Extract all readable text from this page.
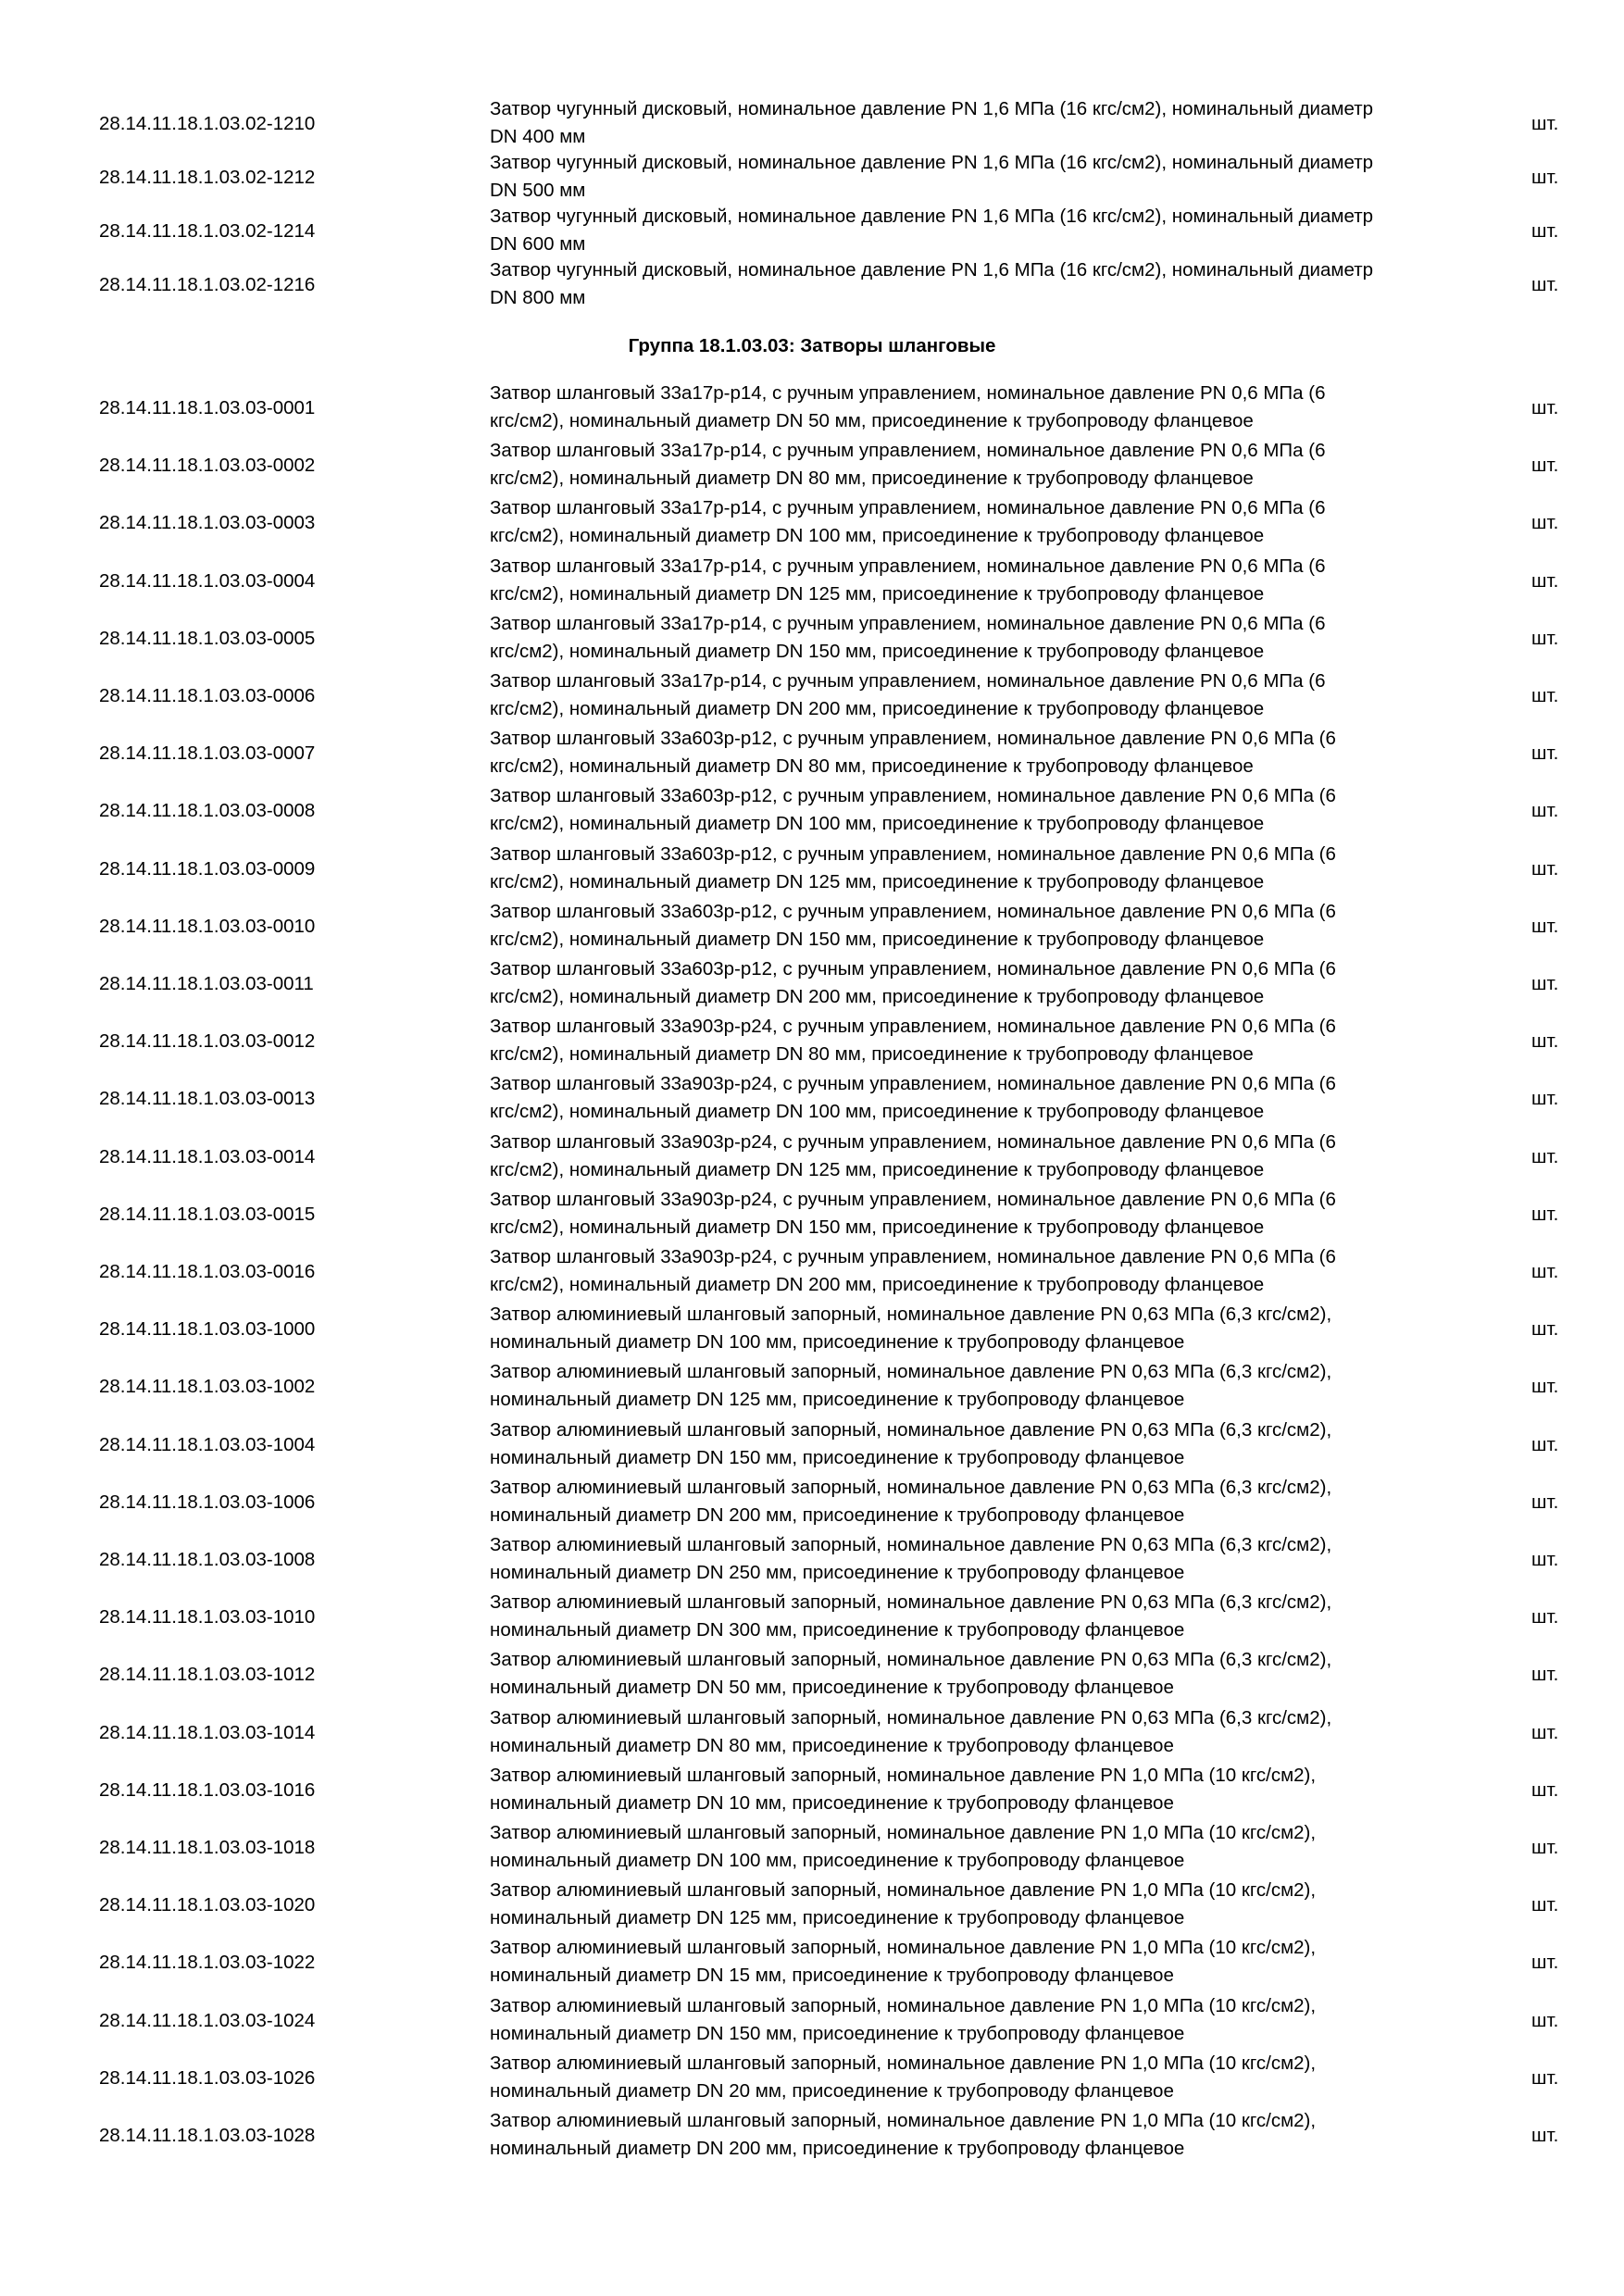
28.14.11.18.1.03.02-1210
Затвор чугунный дисковый, номинальное давление PN 1,6 МПа (16 кгс/см2), номинальный диаметр
DN 400 мм
шт.
28.14.11.18.1.03.02-1212
Затвор чугунный дисковый, номинальное давление PN 1,6 МПа (16 кгс/см2), номинальный диаметр
DN 500 мм
шт.
28.14.11.18.1.03.02-1214
Затвор чугунный дисковый, номинальное давление PN 1,6 МПа (16 кгс/см2), номинальный диаметр
DN 600 мм
шт.
28.14.11.18.1.03.02-1216
Затвор чугунный дисковый, номинальное давление PN 1,6 МПа (16 кгс/см2), номинальный диаметр
DN 800 мм
шт.
Группа 18.1.03.03: Затворы шланговые
28.14.11.18.1.03.03-0001
Затвор шланговый 33а17р-р14, с ручным управлением, номинальное давление PN 0,6 МПа (6
кгс/см2), номинальный диаметр DN 50 мм, присоединение к трубопроводу фланцевое
шт.
28.14.11.18.1.03.03-0002
Затвор шланговый 33а17р-р14, с ручным управлением, номинальное давление PN 0,6 МПа (6
кгс/см2), номинальный диаметр DN 80 мм, присоединение к трубопроводу фланцевое
шт.
28.14.11.18.1.03.03-0003
Затвор шланговый 33а17р-р14, с ручным управлением, номинальное давление PN 0,6 МПа (6
кгс/см2), номинальный диаметр DN 100 мм, присоединение к трубопроводу фланцевое
шт.
28.14.11.18.1.03.03-0004
Затвор шланговый 33а17р-р14, с ручным управлением, номинальное давление PN 0,6 МПа (6
кгс/см2), номинальный диаметр DN 125 мм, присоединение к трубопроводу фланцевое
шт.
28.14.11.18.1.03.03-0005
Затвор шланговый 33а17р-р14, с ручным управлением, номинальное давление PN 0,6 МПа (6
кгс/см2), номинальный диаметр DN 150 мм, присоединение к трубопроводу фланцевое
шт.
28.14.11.18.1.03.03-0006
Затвор шланговый 33а17р-р14, с ручным управлением, номинальное давление PN 0,6 МПа (6
кгс/см2), номинальный диаметр DN 200 мм, присоединение к трубопроводу фланцевое
шт.
28.14.11.18.1.03.03-0007
Затвор шланговый 33а603р-р12, с ручным управлением, номинальное давление PN 0,6 МПа (6
кгс/см2), номинальный диаметр DN 80 мм, присоединение к трубопроводу фланцевое
шт.
28.14.11.18.1.03.03-0008
Затвор шланговый 33а603р-р12, с ручным управлением, номинальное давление PN 0,6 МПа (6
кгс/см2), номинальный диаметр DN 100 мм, присоединение к трубопроводу фланцевое
шт.
28.14.11.18.1.03.03-0009
Затвор шланговый 33а603р-р12, с ручным управлением, номинальное давление PN 0,6 МПа (6
кгс/см2), номинальный диаметр DN 125 мм, присоединение к трубопроводу фланцевое
шт.
28.14.11.18.1.03.03-0010
Затвор шланговый 33а603р-р12, с ручным управлением, номинальное давление PN 0,6 МПа (6
кгс/см2), номинальный диаметр DN 150 мм, присоединение к трубопроводу фланцевое
шт.
28.14.11.18.1.03.03-0011
Затвор шланговый 33а603р-р12, с ручным управлением, номинальное давление PN 0,6 МПа (6
кгс/см2), номинальный диаметр DN 200 мм, присоединение к трубопроводу фланцевое
шт.
28.14.11.18.1.03.03-0012
Затвор шланговый 33а903р-р24, с ручным управлением, номинальное давление PN 0,6 МПа (6
кгс/см2), номинальный диаметр DN 80 мм, присоединение к трубопроводу фланцевое
шт.
28.14.11.18.1.03.03-0013
Затвор шланговый 33а903р-р24, с ручным управлением, номинальное давление PN 0,6 МПа (6
кгс/см2), номинальный диаметр DN 100 мм, присоединение к трубопроводу фланцевое
шт.
28.14.11.18.1.03.03-0014
Затвор шланговый 33а903р-р24, с ручным управлением, номинальное давление PN 0,6 МПа (6
кгс/см2), номинальный диаметр DN 125 мм, присоединение к трубопроводу фланцевое
шт.
28.14.11.18.1.03.03-0015
Затвор шланговый 33а903р-р24, с ручным управлением, номинальное давление PN 0,6 МПа (6
кгс/см2), номинальный диаметр DN 150 мм, присоединение к трубопроводу фланцевое
шт.
28.14.11.18.1.03.03-0016
Затвор шланговый 33а903р-р24, с ручным управлением, номинальное давление PN 0,6 МПа (6
кгс/см2), номинальный диаметр DN 200 мм, присоединение к трубопроводу фланцевое
шт.
28.14.11.18.1.03.03-1000
Затвор алюминиевый шланговый запорный, номинальное давление PN 0,63 МПа (6,3 кгс/см2),
номинальный диаметр DN 100 мм, присоединение к трубопроводу фланцевое
шт.
28.14.11.18.1.03.03-1002
Затвор алюминиевый шланговый запорный, номинальное давление PN 0,63 МПа (6,3 кгс/см2),
номинальный диаметр DN 125 мм, присоединение к трубопроводу фланцевое
шт.
28.14.11.18.1.03.03-1004
Затвор алюминиевый шланговый запорный, номинальное давление PN 0,63 МПа (6,3 кгс/см2),
номинальный диаметр DN 150 мм, присоединение к трубопроводу фланцевое
шт.
28.14.11.18.1.03.03-1006
Затвор алюминиевый шланговый запорный, номинальное давление PN 0,63 МПа (6,3 кгс/см2),
номинальный диаметр DN 200 мм, присоединение к трубопроводу фланцевое
шт.
28.14.11.18.1.03.03-1008
Затвор алюминиевый шланговый запорный, номинальное давление PN 0,63 МПа (6,3 кгс/см2),
номинальный диаметр DN 250 мм, присоединение к трубопроводу фланцевое
шт.
28.14.11.18.1.03.03-1010
Затвор алюминиевый шланговый запорный, номинальное давление PN 0,63 МПа (6,3 кгс/см2),
номинальный диаметр DN 300 мм, присоединение к трубопроводу фланцевое
шт.
28.14.11.18.1.03.03-1012
Затвор алюминиевый шланговый запорный, номинальное давление PN 0,63 МПа (6,3 кгс/см2),
номинальный диаметр DN 50 мм, присоединение к трубопроводу фланцевое
шт.
28.14.11.18.1.03.03-1014
Затвор алюминиевый шланговый запорный, номинальное давление PN 0,63 МПа (6,3 кгс/см2),
номинальный диаметр DN 80 мм, присоединение к трубопроводу фланцевое
шт.
28.14.11.18.1.03.03-1016
Затвор алюминиевый шланговый запорный, номинальное давление PN 1,0 МПа (10 кгс/см2),
номинальный диаметр DN 10 мм, присоединение к трубопроводу фланцевое
шт.
28.14.11.18.1.03.03-1018
Затвор алюминиевый шланговый запорный, номинальное давление PN 1,0 МПа (10 кгс/см2),
номинальный диаметр DN 100 мм, присоединение к трубопроводу фланцевое
шт.
28.14.11.18.1.03.03-1020
Затвор алюминиевый шланговый запорный, номинальное давление PN 1,0 МПа (10 кгс/см2),
номинальный диаметр DN 125 мм, присоединение к трубопроводу фланцевое
шт.
28.14.11.18.1.03.03-1022
Затвор алюминиевый шланговый запорный, номинальное давление PN 1,0 МПа (10 кгс/см2),
номинальный диаметр DN 15 мм, присоединение к трубопроводу фланцевое
шт.
28.14.11.18.1.03.03-1024
Затвор алюминиевый шланговый запорный, номинальное давление PN 1,0 МПа (10 кгс/см2),
номинальный диаметр DN 150 мм, присоединение к трубопроводу фланцевое
шт.
28.14.11.18.1.03.03-1026
Затвор алюминиевый шланговый запорный, номинальное давление PN 1,0 МПа (10 кгс/см2),
номинальный диаметр DN 20 мм, присоединение к трубопроводу фланцевое
шт.
28.14.11.18.1.03.03-1028
Затвор алюминиевый шланговый запорный, номинальное давление PN 1,0 МПа (10 кгс/см2),
номинальный диаметр DN 200 мм, присоединение к трубопроводу фланцевое
шт.
